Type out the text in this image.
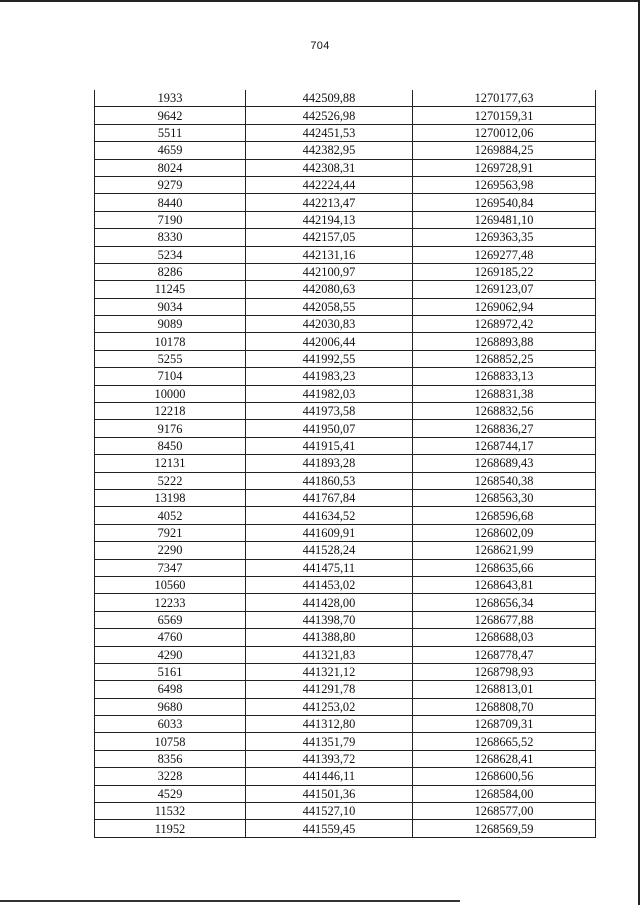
704
1933	442509,88	1270177,63
9642	442526,98	1270159,31
5511	442451,53	1270012,06
4659	442382,95	1269884,25
8024	442308,31	1269728,91
9279	442224,44	1269563,98
8440	442213,47	1269540,84
7190	442194,13	1269481,10
8330	442157,05	1269363,35
5234	442131,16	1269277,48
8286	442100,97	1269185,22
11245	442080,63	1269123,07
9034	442058,55	1269062,94
9089	442030,83	1268972,42
10178	442006,44	1268893,88
5255	441992,55	1268852,25
7104	441983,23	1268833,13
10000	441982,03	1268831,38
12218	441973,58	1268832,56
9176	441950,07	1268836,27
8450	441915,41	1268744,17
12131	441893,28	1268689,43
5222	441860,53	1268540,38
13198	441767,84	1268563,30
4052	441634,52	1268596,68
7921	441609,91	1268602,09
2290	441528,24	1268621,99
7347	441475,11	1268635,66
10560	441453,02	1268643,81
12233	441428,00	1268656,34
6569	441398,70	1268677,88
4760	441388,80	1268688,03
4290	441321,83	1268778,47
5161	441321,12	1268798,93
6498	441291,78	1268813,01
9680	441253,02	1268808,70
6033	441312,80	1268709,31
10758	441351,79	1268665,52
8356	441393,72	1268628,41
3228	441446,11	1268600,56
4529	441501,36	1268584,00
11532	441527,10	1268577,00
11952	441559,45	1268569,59
